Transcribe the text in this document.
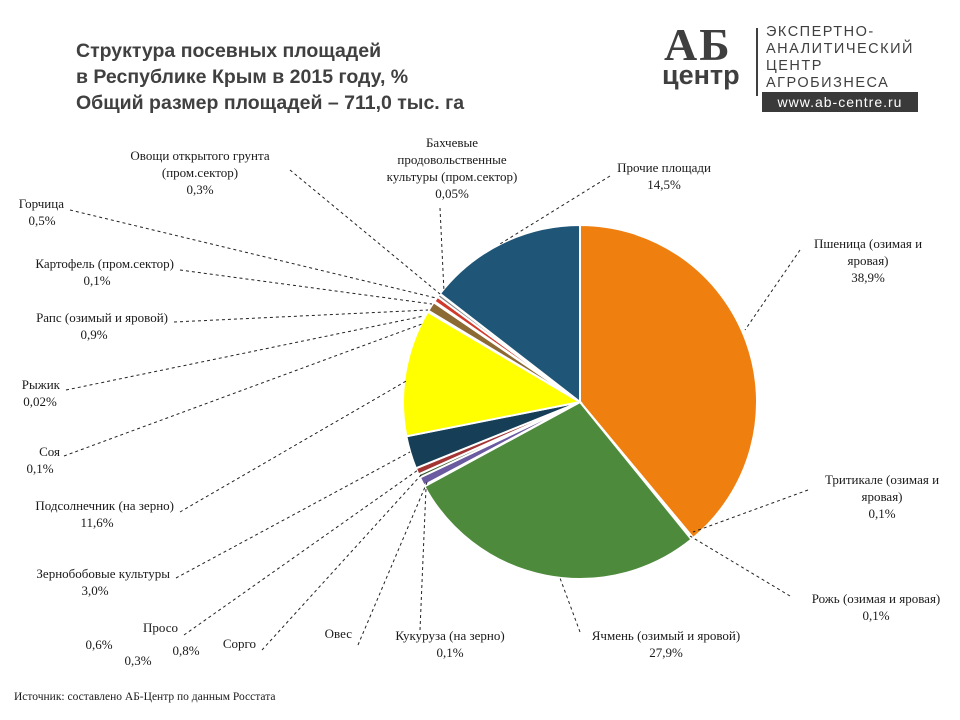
Структура посевных площадей
в Республике Крым в 2015 году, %
Общий размер площадей – 711,0 тыс. га
АБ
центр
ЭКСПЕРТНО-
АНАЛИТИЧЕСКИЙ
ЦЕНТР
АГРОБИЗНЕСА
www.ab-centre.ru
Пшеница (озимая и яровая) 38,9%
Тритикале (озимая и яровая) 0,1%
Рожь (озимая и яровая) 0,1%
Ячмень (озимый и яровой) 27,9%
Кукуруза (на зерно) 0,1%
Овес 0,8%	Сорго 0,3%
Просо 0,6%
Зернобобовые культуры 3,0%
Подсолнечник (на зерно) 11,6%
Соя 0,1%
Рыжик 0,02%
Рапс (озимый и яровой) 0,9%
Картофель (пром.сектор) 0,1%
Горчица 0,5%
Овощи открытого грунта (пром.сектор) 0,3%
Бахчевые продовольственные культуры (пром.сектор) 0,05%
Прочие площади 14,5%
Источник: составлено АБ-Центр по данным Росстата
